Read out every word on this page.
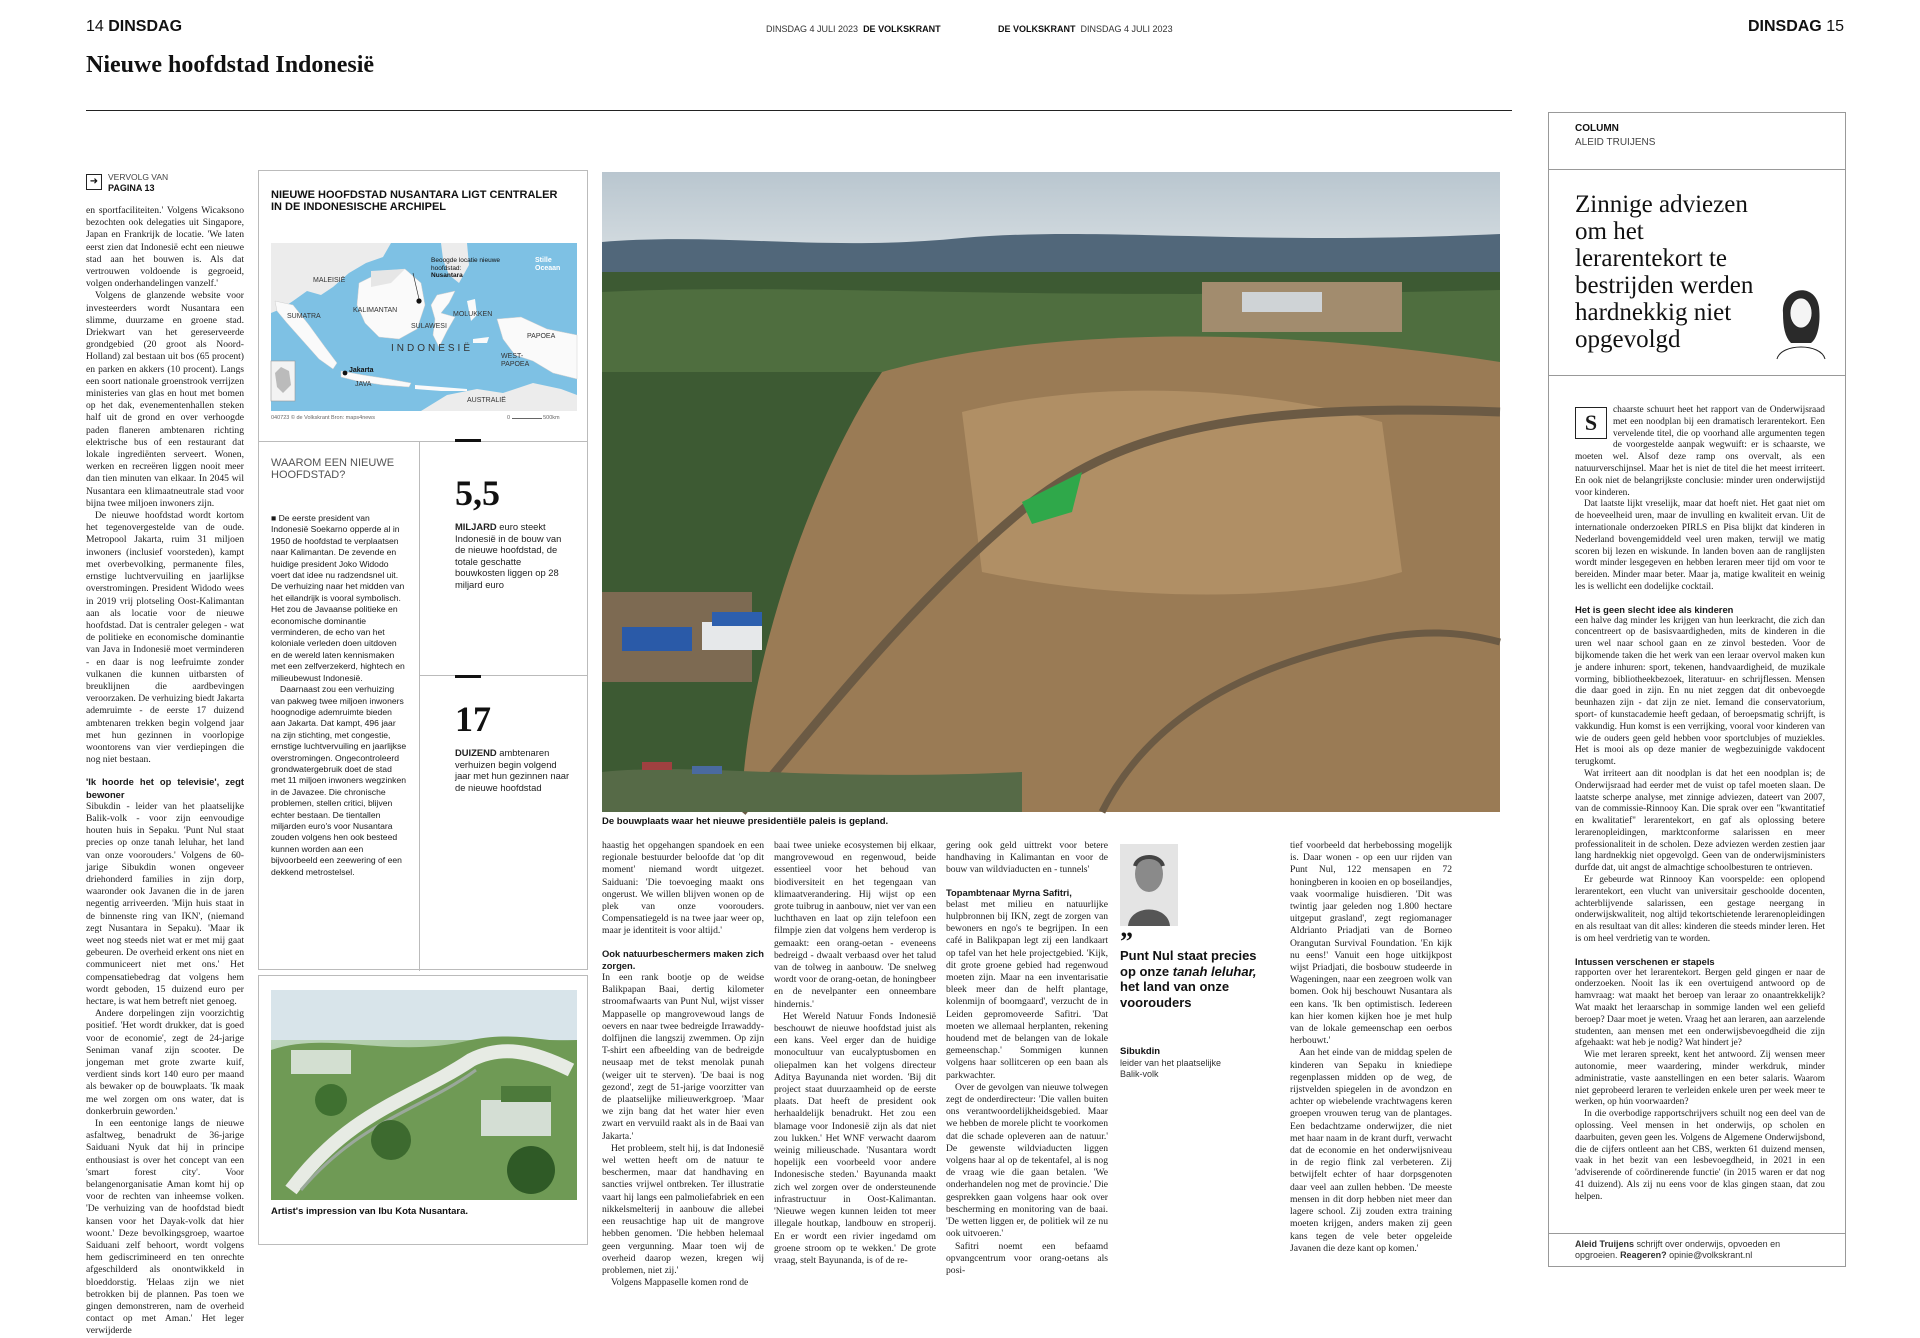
14 DINSDAG	DINSDAG 4 JULI 2023 DE VOLKSKRANT	DE VOLKSKRANT DINSDAG 4 JULI 2023	DINSDAG 15
Nieuwe hoofdstad Indonesië
➜	VERVOLG VAN
PAGINA 13

en sportfaciliteiten.' Volgens Wicaksono bezochten ook delegaties uit Singapore, Japan en Frankrijk de locatie. 'We laten eerst zien dat Indonesië echt een nieuwe stad aan het bouwen is. Als dat vertrouwen voldoende is gegroeid, volgen onderhandelingen vanzelf.'

Volgens de glanzende website voor investeerders wordt Nusantara een slimme, duurzame en groene stad. Driekwart van het gereserveerde grondgebied (20 groot als Noord-Holland) zal bestaan uit bos (65 procent) en parken en akkers (10 procent). Langs een soort nationale groenstrook verrijzen ministeries van glas en hout met bomen op het dak, evenementenhallen steken half uit de grond en over verhoogde paden flaneren ambtenaren richting elektrische bus of een restaurant dat lokale ingrediënten serveert. Wonen, werken en recreëren liggen nooit meer dan tien minuten van elkaar. In 2045 wil Nusantara een klimaatneutrale stad voor bijna twee miljoen inwoners zijn.

De nieuwe hoofdstad wordt kortom het tegenovergestelde van de oude. Metropool Jakarta, ruim 31 miljoen inwoners (inclusief voorsteden), kampt met overbevolking, permanente files, ernstige luchtvervuiling en jaarlijkse overstromingen. President Widodo wees in 2019 vrij plotseling Oost-Kalimantan aan als locatie voor de nieuwe hoofdstad. Dat is centraler gelegen - wat de politieke en economische dominantie van Java in Indonesië moet verminderen - en daar is nog leefruimte zonder vulkanen die kunnen uitbarsten of breuklijnen die aardbevingen veroorzaken. De verhuizing biedt Jakarta ademruimte - de eerste 17 duizend ambtenaren trekken begin volgend jaar met hun gezinnen in voorlopige woontorens van vier verdiepingen die nog niet bestaan.

'Ik hoorde het op televisie', zegt bewoner

Sibukdin - leider van het plaatselijke Balik-volk - voor zijn eenvoudige houten huis in Sepaku. 'Punt Nul staat precies op onze tanah leluhar, het land van onze voorouders.' Volgens de 60-jarige Sibukdin wonen ongeveer driehonderd families in zijn dorp, waaronder ook Javanen die in de jaren negentig arriveerden. 'Mijn huis staat in de binnenste ring van IKN', (niemand zegt Nusantara in Sepaku). 'Maar ik weet nog steeds niet wat er met mij gaat gebeuren. De overheid erkent ons niet en communiceert niet met ons.' Het compensatiebedrag dat volgens hem wordt geboden, 15 duizend euro per hectare, is wat hem betreft niet genoeg.

Andere dorpelingen zijn voorzichtig positief. 'Het wordt drukker, dat is goed voor de economie', zegt de 24-jarige Seniman vanaf zijn scooter. De jongeman met grote zwarte kuif, verdient sinds kort 140 euro per maand als bewaker op de bouwplaats. 'Ik maak me wel zorgen om ons water, dat is donkerbruin geworden.'

In een eentonige langs de nieuwe asfaltweg, benadrukt de 36-jarige Saiduani Nyuk dat hij in principe enthousiast is over het concept van een 'smart forest city'. Voor belangenorganisatie Aman komt hij op voor de rechten van inheemse volken. 'De verhuizing van de hoofdstad biedt kansen voor het Dayak-volk dat hier woont.' Deze bevolkingsgroep, waartoe Saiduani zelf behoort, wordt volgens hem gediscrimineerd en ten onrechte afgeschilderd als onontwikkeld in bloeddorstig. 'Helaas zijn we niet betrokken bij de plannen. Pas toen we gingen demonstreren, nam de overheid contact op met Aman.' Het leger verwijderde

NIEUWE HOOFDSTAD NUSANTARA LIGT CENTRALER IN DE INDONESISCHE ARCHIPEL
MALEISIË
KALIMANTAN
SUMATRA
SULAWESI
MOLUKKEN
PAPOEA
WEST-PAPOEA
Jakarta
JAVA
INDONESIË
AUSTRALIË
Stille Oceaan
Beoogde locatie nieuwe hoofdstad:
Nusantara
040723 © de Volkskrant Bron: maps4news	0	500km
WAAROM EEN NIEUWE HOOFDSTAD?

■ De eerste president van Indonesië Soekarno opperde al in 1950 de hoofdstad te verplaatsen naar Kalimantan. De zevende en huidige president Joko Widodo voert dat idee nu radzendsnel uit. De verhuizing naar het midden van het eilandrijk is vooral symbolisch. Het zou de Javaanse politieke en economische dominantie verminderen, de echo van het koloniale verleden doen uitdoven en de wereld laten kennismaken met een zelfverzekerd, hightech en milieubewust Indonesië.

Daarnaast zou een verhuizing van pakweg twee miljoen inwoners hoognodige ademruimte bieden aan Jakarta. Dat kampt, 496 jaar na zijn stichting, met congestie, ernstige luchtvervuiling en jaarlijkse overstromingen. Ongecontroleerd grondwatergebruik doet de stad met 11 miljoen inwoners wegzinken in de Javazee. Die chronische problemen, stellen critici, blijven echter bestaan. De tientallen miljarden euro's voor Nusantara zouden volgens hen ook besteed kunnen worden aan een bijvoorbeeld een zeewering of een dekkend metrostelsel.

5,5
MILJARD euro steekt Indonesië in de bouw van de nieuwe hoofdstad, de totale geschatte bouwkosten liggen op 28 miljard euro
17
DUIZEND ambtenaren verhuizen begin volgend jaar met hun gezinnen naar de nieuwe hoofdstad
Artist's impression van Ibu Kota Nusantara.
De bouwplaats waar het nieuwe presidentiële paleis is gepland.

haastig het opgehangen spandoek en een regionale bestuurder beloofde dat 'op dit moment' niemand wordt uitgezet. Saiduani: 'Die toevoeging maakt ons ongerust. We willen blijven wonen op de plek van onze voorouders. Compensatiegeld is na twee jaar weer op, maar je identiteit is voor altijd.'

Ook natuurbeschermers maken zich zorgen.

In een rank bootje op de weidse Balikpapan Baai, dertig kilometer stroomafwaarts van Punt Nul, wijst visser Mappaselle op mangrovewoud langs de oevers en naar twee bedreigde Irrawaddy-dolfijnen die langszij zwemmen. Op zijn T-shirt een afbeelding van de bedreigde neusaap met de tekst menolak punah (weiger uit te sterven). 'De baai is nog gezond', zegt de 51-jarige voorzitter van de plaatselijke milieuwerkgroep. 'Maar we zijn bang dat het water hier even zwart en vervuild raakt als in de Baai van Jakarta.'

Het probleem, stelt hij, is dat Indonesië wel wetten heeft om de natuur te beschermen, maar dat handhaving en sancties vrijwel ontbreken. Ter illustratie vaart hij langs een palmoliefabriek en een nikkelsmelterij in aanbouw die allebei een reusachtige hap uit de mangrove hebben genomen. 'Die hebben helemaal geen vergunning. Maar toen wij de overheid daarop wezen, kregen wij problemen, niet zij.'

Volgens Mappaselle komen rond de

baai twee unieke ecosystemen bij elkaar, mangrovewoud en regenwoud, beide essentieel voor het behoud van biodiversiteit en het tegengaan van klimaatverandering. Hij wijst op een grote tuibrug in aanbouw, niet ver van een luchthaven en laat op zijn telefoon een filmpje zien dat volgens hem verderop is gemaakt: een orang-oetan - eveneens bedreigd - dwaalt verbaasd over het talud van de tolweg in aanbouw. 'De snelweg wordt voor de orang-oetan, de honingbeer en de nevelpanter een onneembare hindernis.'

Het Wereld Natuur Fonds Indonesië beschouwt de nieuwe hoofdstad juist als een kans. Veel erger dan de huidige monocultuur van eucalyptusbomen en oliepalmen kan het volgens directeur Aditya Bayunanda niet worden. 'Bij dit project staat duurzaamheid op de eerste plaats. Dat heeft de president ook herhaaldelijk benadrukt. Het zou een blamage voor Indonesië zijn als dat niet zou lukken.' Het WNF verwacht daarom weinig milieuschade. 'Nusantara wordt hopelijk een voorbeeld voor andere Indonesische steden.' Bayunanda maakt zich wel zorgen over de ondersteunende infrastructuur in Oost-Kalimantan. 'Nieuwe wegen kunnen leiden tot meer illegale houtkap, landbouw en stroperij. En er wordt een rivier ingedamd om groene stroom op te wekken.' De grote vraag, stelt Bayunanda, is of de re-

gering ook geld uittrekt voor betere handhaving in Kalimantan en voor de bouw van wildviaducten en - tunnels'

Topambtenaar Myrna Safitri,

belast met milieu en natuurlijke hulpbronnen bij IKN, zegt de zorgen van bewoners en ngo's te begrijpen. In een café in Balikpapan legt zij een landkaart op tafel van het hele projectgebied. 'Kijk, dit grote groene gebied had regenwoud moeten zijn. Maar na een inventarisatie bleek meer dan de helft plantage, kolenmijn of boomgaard', verzucht de in Leiden gepromoveerde Safitri. 'Dat moeten we allemaal herplanten, rekening houdend met de belangen van de lokale gemeenschap.' Sommigen kunnen volgens haar sollitceren op een baan als parkwachter.

Over de gevolgen van nieuwe tolwegen zegt de onderdirecteur: 'Die vallen buiten ons verantwoordelijkheidsgebied. Maar we hebben de morele plicht te voorkomen dat die schade opleveren aan de natuur.' De gewenste wildviaducten liggen volgens haar al op de tekentafel, al is nog de vraag wie die gaan betalen. 'We onderhandelen nog met de provincie.' Die gesprekken gaan volgens haar ook over bescherming en monitoring van de baai. 'De wetten liggen er, de politiek wil ze nu ook uitvoeren.'

Safitri noemt een befaamd opvangcentrum voor orang-oetans als posi-

”
Punt Nul staat precies op onze tanah leluhar, het land van onze voorouders
Sibukdin
leider van het plaatselijke Balik-volk

tief voorbeeld dat herbebossing mogelijk is. Daar wonen - op een uur rijden van Punt Nul, 122 mensapen en 72 honingberen in kooien en op boseilandjes, vaak voormalige huisdieren. 'Dit was twintig jaar geleden nog 1.800 hectare uitgeput grasland', zegt regiomanager Aldrianto Priadjati van de Borneo Orangutan Survival Foundation. 'En kijk nu eens!' Vanuit een hoge uitkijkpost wijst Priadjati, die bosbouw studeerde in Wageningen, naar een zeegroen wolk van bomen. Ook hij beschouwt Nusantara als een kans. 'Ik ben optimistisch. Iedereen kan hier komen kijken hoe je met hulp van de lokale gemeenschap een oerbos herbouwt.'

Aan het einde van de middag spelen de kinderen van Sepaku in kniediepe regenplassen midden op de weg, de rijstvelden spiegelen in de avondzon en achter op wiebelende vrachtwagens keren groepen vrouwen terug van de plantages. Een bedachtzame onderwijzer, die niet met haar naam in de krant durft, verwacht dat de economie en het onderwijsniveau in de regio flink zal verbeteren. Zij betwijfelt echter of haar dorpsgenoten daar veel aan zullen hebben. 'De meeste mensen in dit dorp hebben niet meer dan lagere school. Zij zouden extra training moeten krijgen, anders maken zij geen kans tegen de vele beter opgeleide Javanen die deze kant op komen.'

COLUMN
ALEID TRUIJENS
Zinnige adviezen om het lerarentekort te bestrijden werden hardnekkig niet opgevolgd
S	chaarste schuurt heet het rapport van de Onderwijsraad met een noodplan bij een dramatisch lerarentekort. Een vervelende titel, die op voorhand alle argumenten tegen de voorgestelde aanpak wegwuift: er is schaarste, we moeten wel. Alsof deze ramp ons overvalt, als een natuurverschijnsel. Maar het is niet de titel die het meest irriteert. En ook niet de belangrijkste conclusie: minder uren onderwijstijd voor kinderen.

Dat laatste lijkt vreselijk, maar dat hoeft niet. Het gaat niet om de hoeveelheid uren, maar de invulling en kwaliteit ervan. Uit de internationale onderzoeken PIRLS en Pisa blijkt dat kinderen in Nederland bovengemiddeld veel uren maken, terwijl we matig scoren bij lezen en wiskunde. In landen boven aan de ranglijsten wordt minder lesgegeven en hebben leraren meer tijd om voor te bereiden. Minder maar beter. Maar ja, matige kwaliteit en weinig les is wellicht een dodelijke cocktail.

Het is geen slecht idee als kinderen

een halve dag minder les krijgen van hun leerkracht, die zich dan concentreert op de basisvaardigheden, mits de kinderen in die uren wel naar school gaan en ze zinvol besteden. Voor de bijkomende taken die het werk van een leraar overvol maken kun je andere inhuren: sport, tekenen, handvaardigheid, de muzikale vorming, bibliotheekbezoek, literatuur- en schrijflessen. Mensen die daar goed in zijn. En nu niet zeggen dat dit onbevoegde beunhazen zijn - dat zijn ze niet. Iemand die conservatorium, sport- of kunstacademie heeft gedaan, of beroepsmatig schrijft, is vakkundig. Hun komst is een verrijking, vooral voor kinderen van wie de ouders geen geld hebben voor sportclubjes of muziekles. Het is mooi als op deze manier de wegbezuinigde vakdocent terugkomt.

Wat irriteert aan dit noodplan is dat het een noodplan is; de Onderwijsraad had eerder met de vuist op tafel moeten slaan. De laatste scherpe analyse, met zinnige adviezen, dateert van 2007, van de commissie-Rinnooy Kan. Die sprak over een "kwantitatief en kwalitatief" lerarentekort, en gaf als oplossing betere lerarenopleidingen, marktconforme salarissen en meer professionaliteit in de scholen. Deze adviezen werden zestien jaar lang hardnekkig niet opgevolgd. Geen van de onderwijsministers durfde dat, uit angst de almachtige schoolbesturen te ontrieven.

Er gebeurde wat Rinnooy Kan voorspelde: een oplopend lerarentekort, een vlucht van universitair geschoolde docenten, achterblijvende salarissen, een gestage neergang in onderwijskwaliteit, nog altijd tekortschietende lerarenopleidingen en als resultaat van dit alles: kinderen die steeds minder leren. Het is om heel verdrietig van te worden.

Intussen verschenen er stapels

rapporten over het lerarentekort. Bergen geld gingen er naar de onderzoeken. Nooit las ik een overtuigend antwoord op de hamvraag: wat maakt het beroep van leraar zo onaantrekkelijk? Wat maakt het leraarschap in sommige landen wel een geliefd beroep? Daar moet je weten. Vraag het aan leraren, aan aarzelende studenten, aan mensen met een onderwijsbevoegdheid die zijn afgehaakt: wat heb je nodig? Wat hindert je?

Wie met leraren spreekt, kent het antwoord. Zij wensen meer autonomie, meer waardering, minder werkdruk, minder administratie, vaste aanstellingen en een beter salaris. Waarom niet geprobeerd leraren te verleiden enkele uren per week meer te werken, op hún voorwaarden?

In die overbodige rapportschrijvers schuilt nog een deel van de oplossing. Veel mensen in het onderwijs, op scholen en daarbuiten, geven geen les. Volgens de Algemene Onderwijsbond, die de cijfers ontleent aan het CBS, werkten 61 duizend mensen, vaak in het bezit van een lesbevoegdheid, in 2021 in een 'adviserende of coördinerende functie' (in 2015 waren er dat nog 41 duizend). Als zij nu eens voor de klas gingen staan, dat zou helpen.

Aleid Truijens schrijft over onderwijs, opvoeden en opgroeien. Reageren? opinie@volkskrant.nl
